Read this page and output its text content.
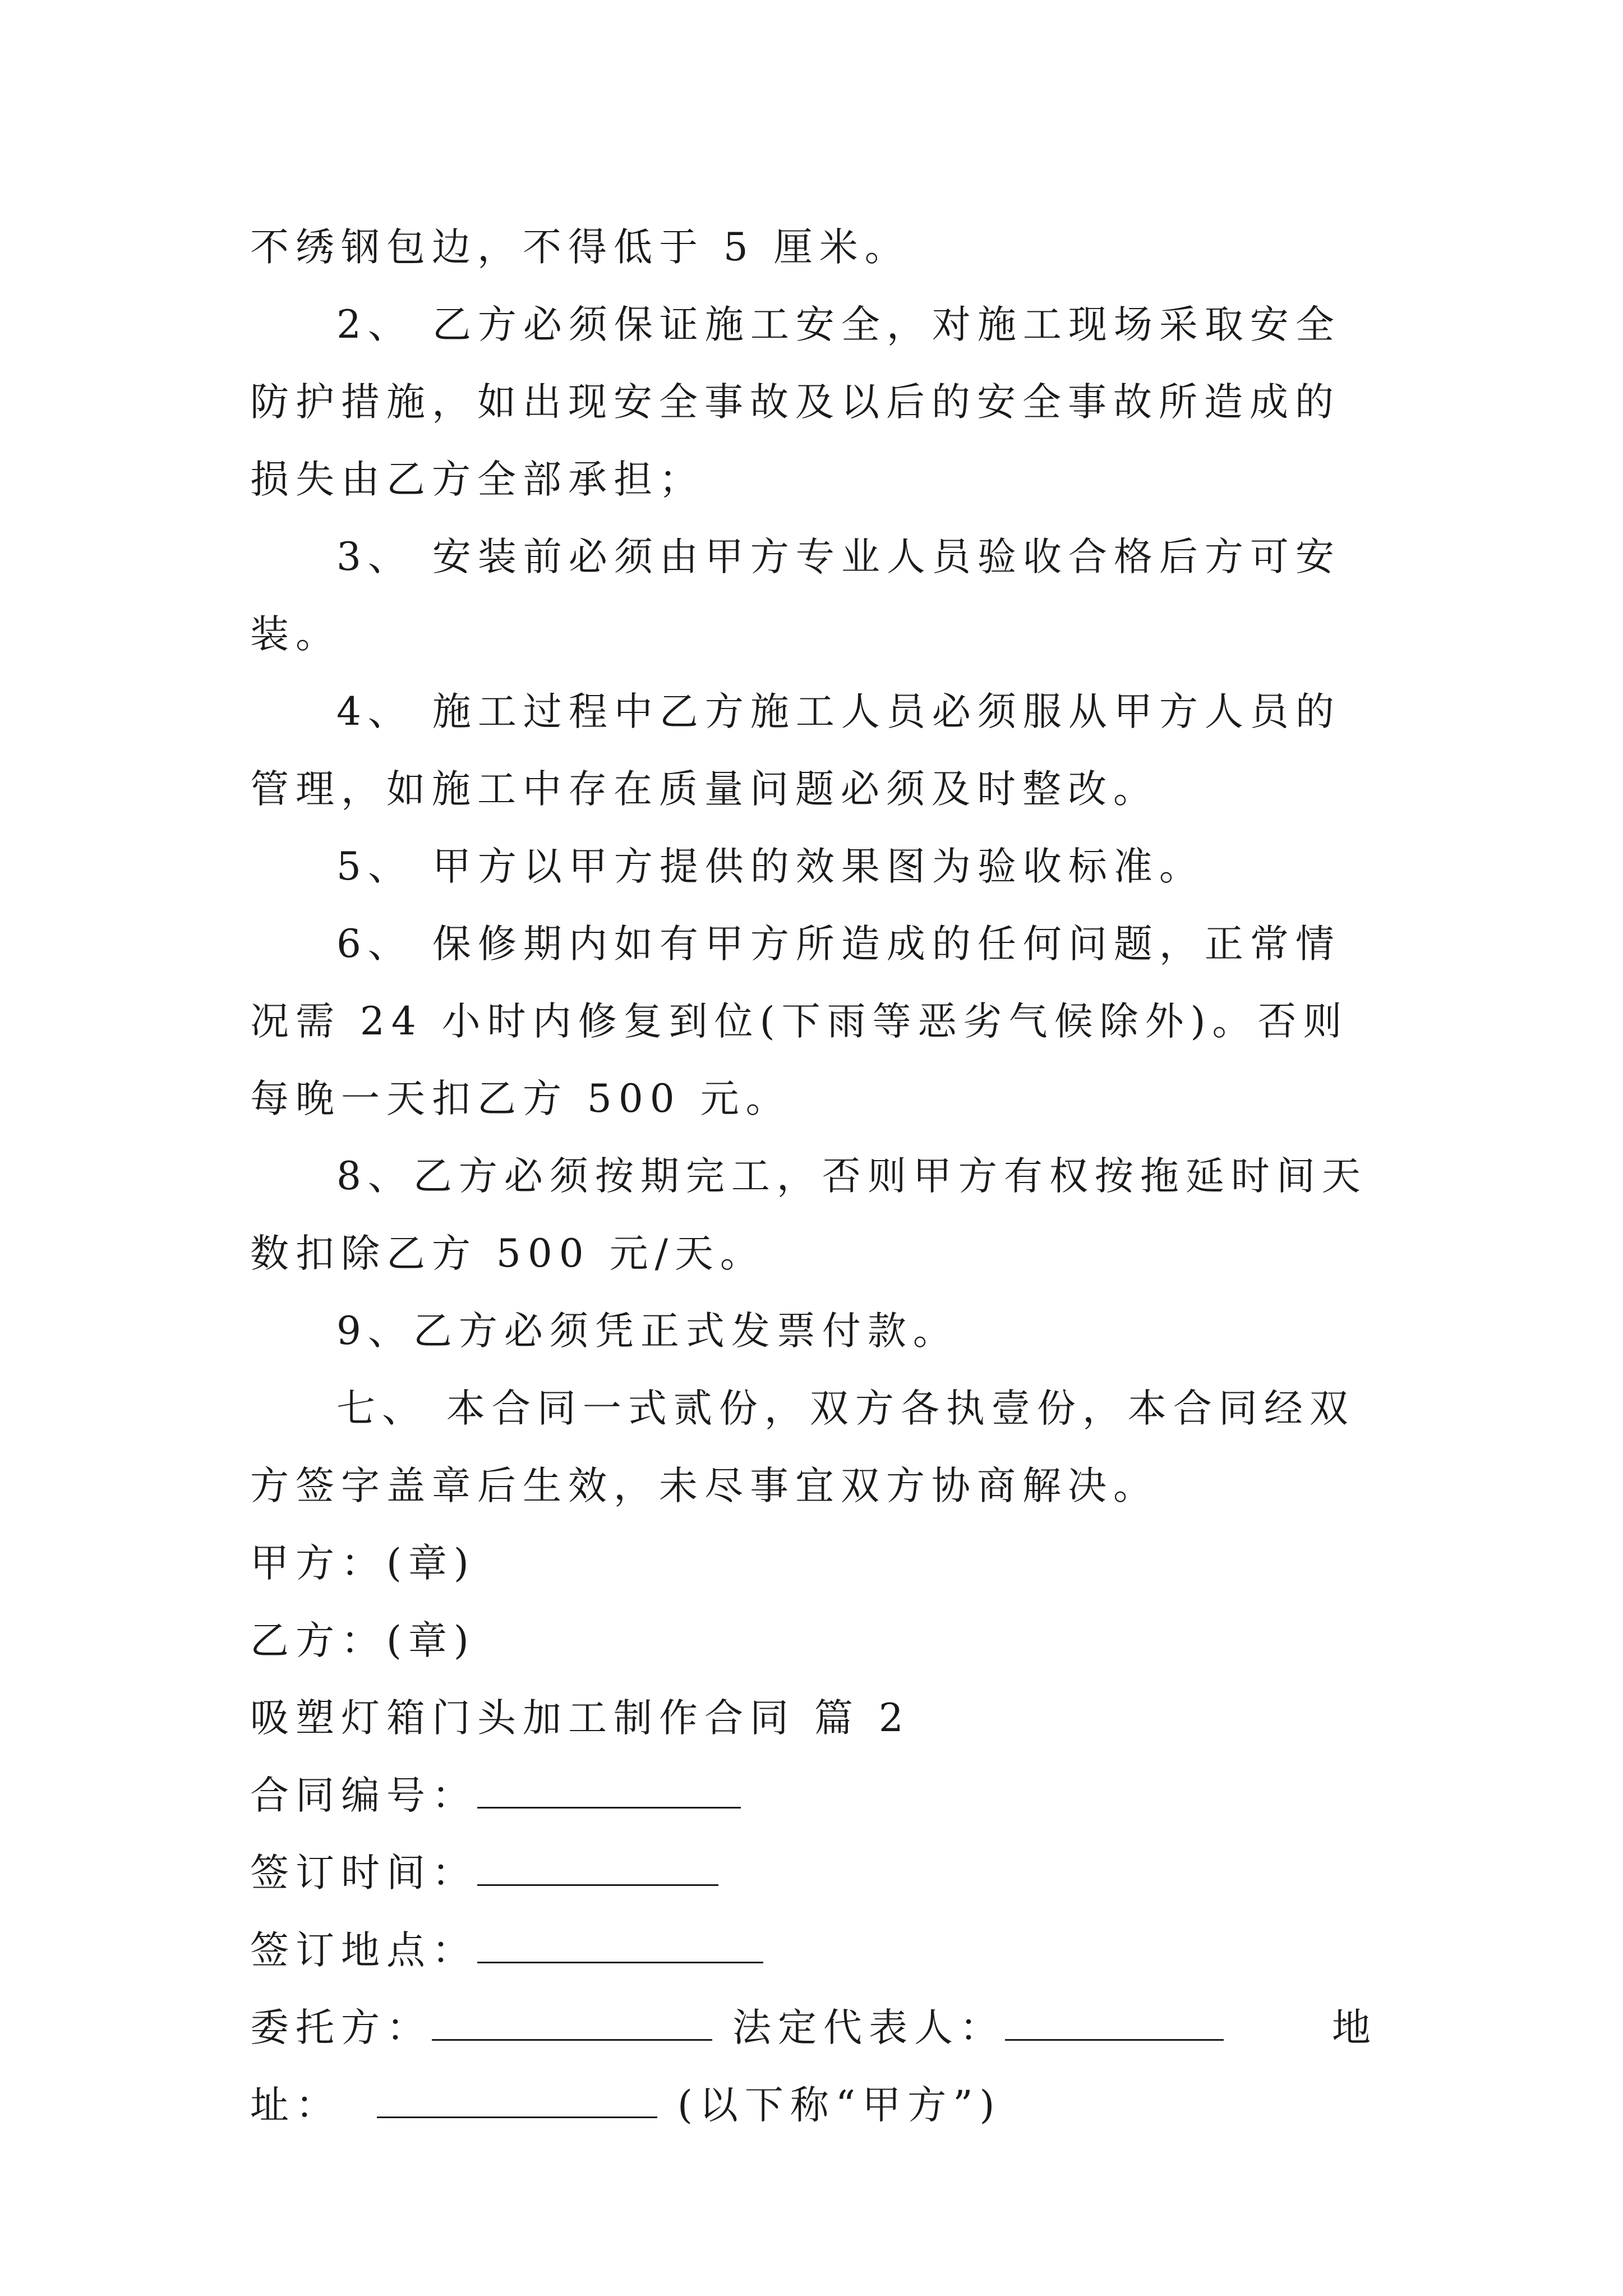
不绣钢包边，不得低于 5 厘米。

2、 乙方必须保证施工安全，对施工现场采取安全防护措施，如出现安全事故及以后的安全事故所造成的损失由乙方全部承担；

3、 安装前必须由甲方专业人员验收合格后方可安装。

4、 施工过程中乙方施工人员必须服从甲方人员的管理，如施工中存在质量问题必须及时整改。

5、 甲方以甲方提供的效果图为验收标准。

6、 保修期内如有甲方所造成的任何问题，正常情况需 24 小时内修复到位(下雨等恶劣气候除外)。否则每晚一天扣乙方 500 元。

8、乙方必须按期完工，否则甲方有权按拖延时间天数扣除乙方 500 元/天。

9、乙方必须凭正式发票付款。

七、 本合同一式贰份，双方各执壹份，本合同经双方签字盖章后生效，未尽事宜双方协商解决。

甲方：(章)

乙方：(章)

吸塑灯箱门头加工制作合同 篇 2

合同编号：

签订时间：

签订地点：

委托方：	法定代表人：	地

址：	(以下称“甲方”)
